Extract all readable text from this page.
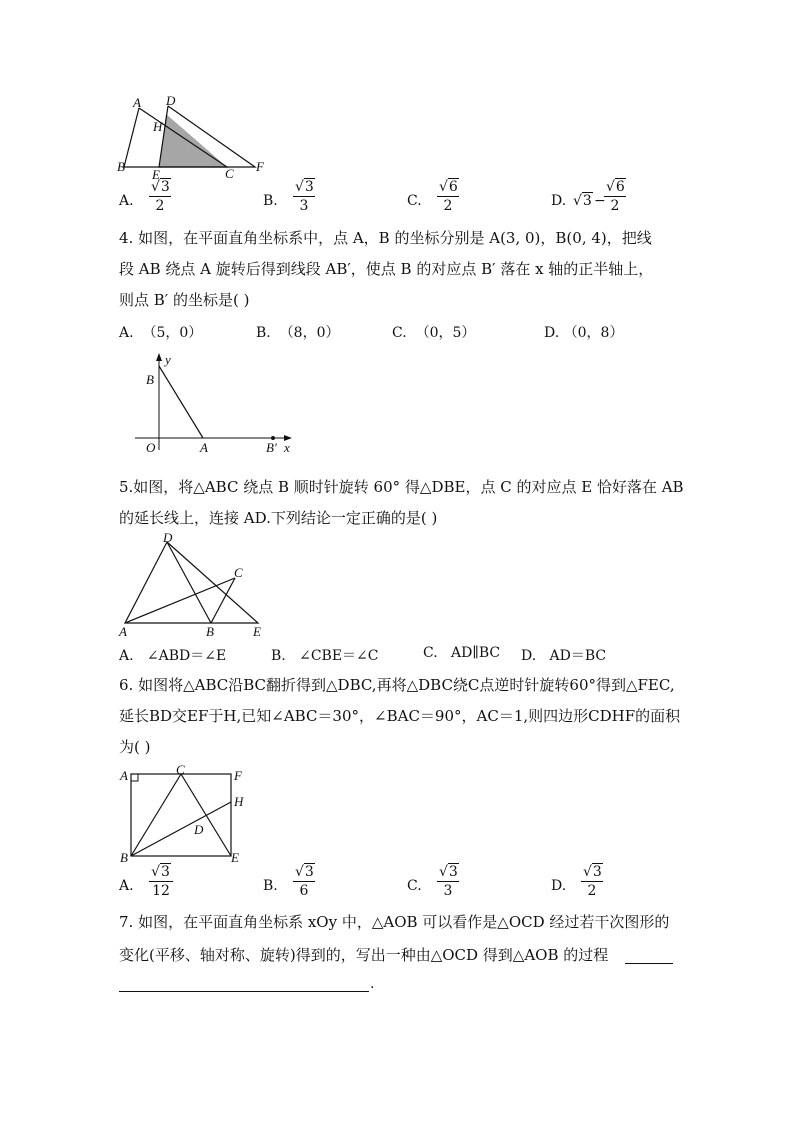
A D
H
B
E	C F
A. $\frac{√3}{2}$	B. $\frac{√3}{3}$	C. $\frac{√6}{2}$	D. √3 −
$\frac{√6}{2}$
4. 如图，在平面直角坐标系中，点 A，B 的坐标分别是 A(3, 0)，B(0, 4)，把线
段 AB 绕点 A 旋转后得到线段 AB′，使点 B 的对应点 B′ 落在 x 轴的正半轴上，
则点 B′ 的坐标是( )
A. （5，0）	B. （8，0）	C. （0，5）	D. （0，8）
y
B
O	A	B′ x
5.如图，将△ABC 绕点 B 顺时针旋转 60° 得△DBE，点 C 的对应点 E 恰好落在 AB
的延长线上，连接 AD.下列结论一定正确的是( )
D
C
A	B	E
A. ∠ABD＝∠E	B. ∠CBE＝∠C	C. AD∥BC D. AD＝BC
6. 如图将△ABC沿BC翻折得到△DBC,再将△DBC绕C点逆时针旋转60°得到△FEC,
延长BD交EF于H,已知∠ABC＝30°，∠BAC＝90°，AC＝1,则四边形CDHF的面积
为( )
A	C	F
H
D
B	E
A. $\frac{√3}{12}$	B. $\frac{√3}{6}$	C. $\frac{√3}{3}$	D. $\frac{√3}{2}$
7. 如图，在平面直角坐标系 xOy 中，△AOB 可以看作是△OCD 经过若干次图形的
变化(平移、轴对称、旋转)得到的，写出一种由△OCD 得到△AOB 的过程
.
